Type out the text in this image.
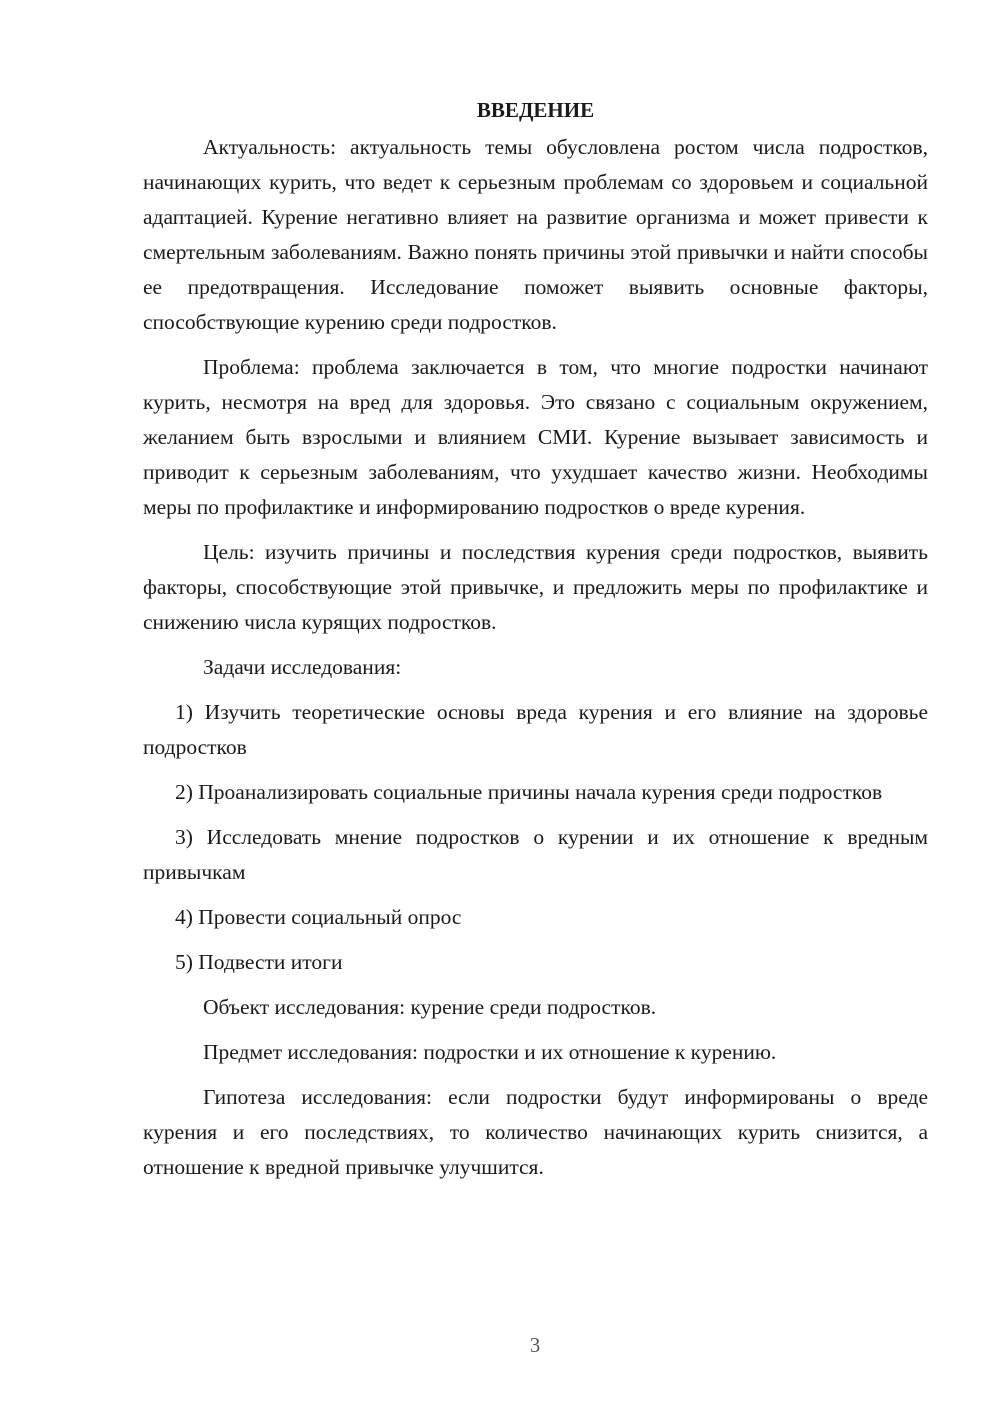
ВВЕДЕНИЕ

Актуальность: актуальность темы обусловлена ростом числа подростков, начинающих курить, что ведет к серьезным проблемам со здоровьем и социальной адаптацией. Курение негативно влияет на развитие организма и может привести к смертельным заболеваниям. Важно понять причины этой привычки и найти способы ее предотвращения. Исследование поможет выявить основные факторы, способствующие курению среди подростков.

Проблема: проблема заключается в том, что многие подростки начинают курить, несмотря на вред для здоровья. Это связано с социальным окружением, желанием быть взрослыми и влиянием СМИ. Курение вызывает зависимость и приводит к серьезным заболеваниям, что ухудшает качество жизни. Необходимы меры по профилактике и информированию подростков о вреде курения.

Цель: изучить причины и последствия курения среди подростков, выявить факторы, способствующие этой привычке, и предложить меры по профилактике и снижению числа курящих подростков.

Задачи исследования:

1) Изучить теоретические основы вреда курения и его влияние на здоровье подростков

2) Проанализировать социальные причины начала курения среди подростков

3) Исследовать мнение подростков о курении и их отношение к вредным привычкам

4) Провести социальный опрос

5) Подвести итоги

Объект исследования: курение среди подростков.

Предмет исследования: подростки и их отношение к курению.

Гипотеза исследования: если подростки будут информированы о вреде курения и его последствиях, то количество начинающих курить снизится, а отношение к вредной привычке улучшится.

3
